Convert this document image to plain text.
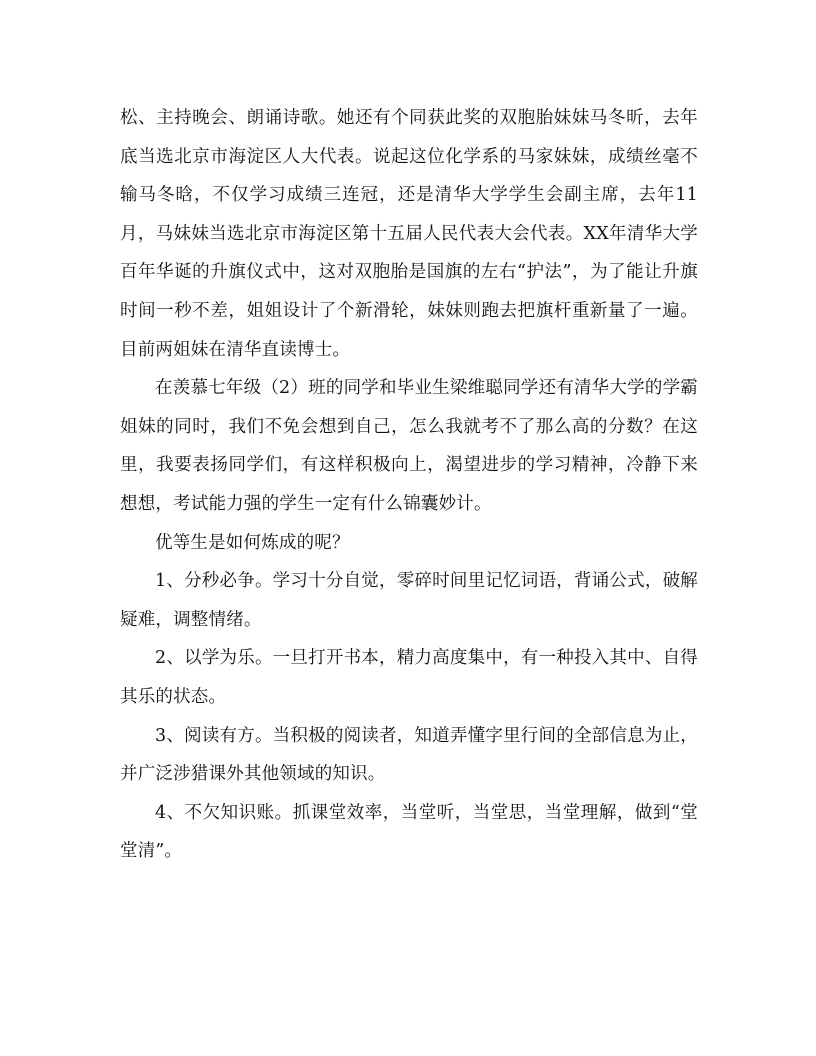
松、主持晚会、朗诵诗歌。她还有个同获此奖的双胞胎妹妹马冬昕，去年底当选北京市海淀区人大代表。说起这位化学系的马家妹妹，成绩丝毫不输马冬晗，不仅学习成绩三连冠，还是清华大学学生会副主席，去年11月，马妹妹当选北京市海淀区第十五届人民代表大会代表。XX年清华大学百年华诞的升旗仪式中，这对双胞胎是国旗的左右“护法”，为了能让升旗时间一秒不差，姐姐设计了个新滑轮，妹妹则跑去把旗杆重新量了一遍。目前两姐妹在清华直读博士。

在羡慕七年级（2）班的同学和毕业生梁维聪同学还有清华大学的学霸姐妹的同时，我们不免会想到自己，怎么我就考不了那么高的分数？在这里，我要表扬同学们，有这样积极向上，渴望进步的学习精神，冷静下来想想，考试能力强的学生一定有什么锦囊妙计。

优等生是如何炼成的呢？

1、分秒必争。学习十分自觉，零碎时间里记忆词语，背诵公式，破解疑难，调整情绪。

2、以学为乐。一旦打开书本，精力高度集中，有一种投入其中、自得其乐的状态。

3、阅读有方。当积极的阅读者，知道弄懂字里行间的全部信息为止，并广泛涉猎课外其他领域的知识。

4、不欠知识账。抓课堂效率，当堂听，当堂思，当堂理解，做到“堂堂清”。
